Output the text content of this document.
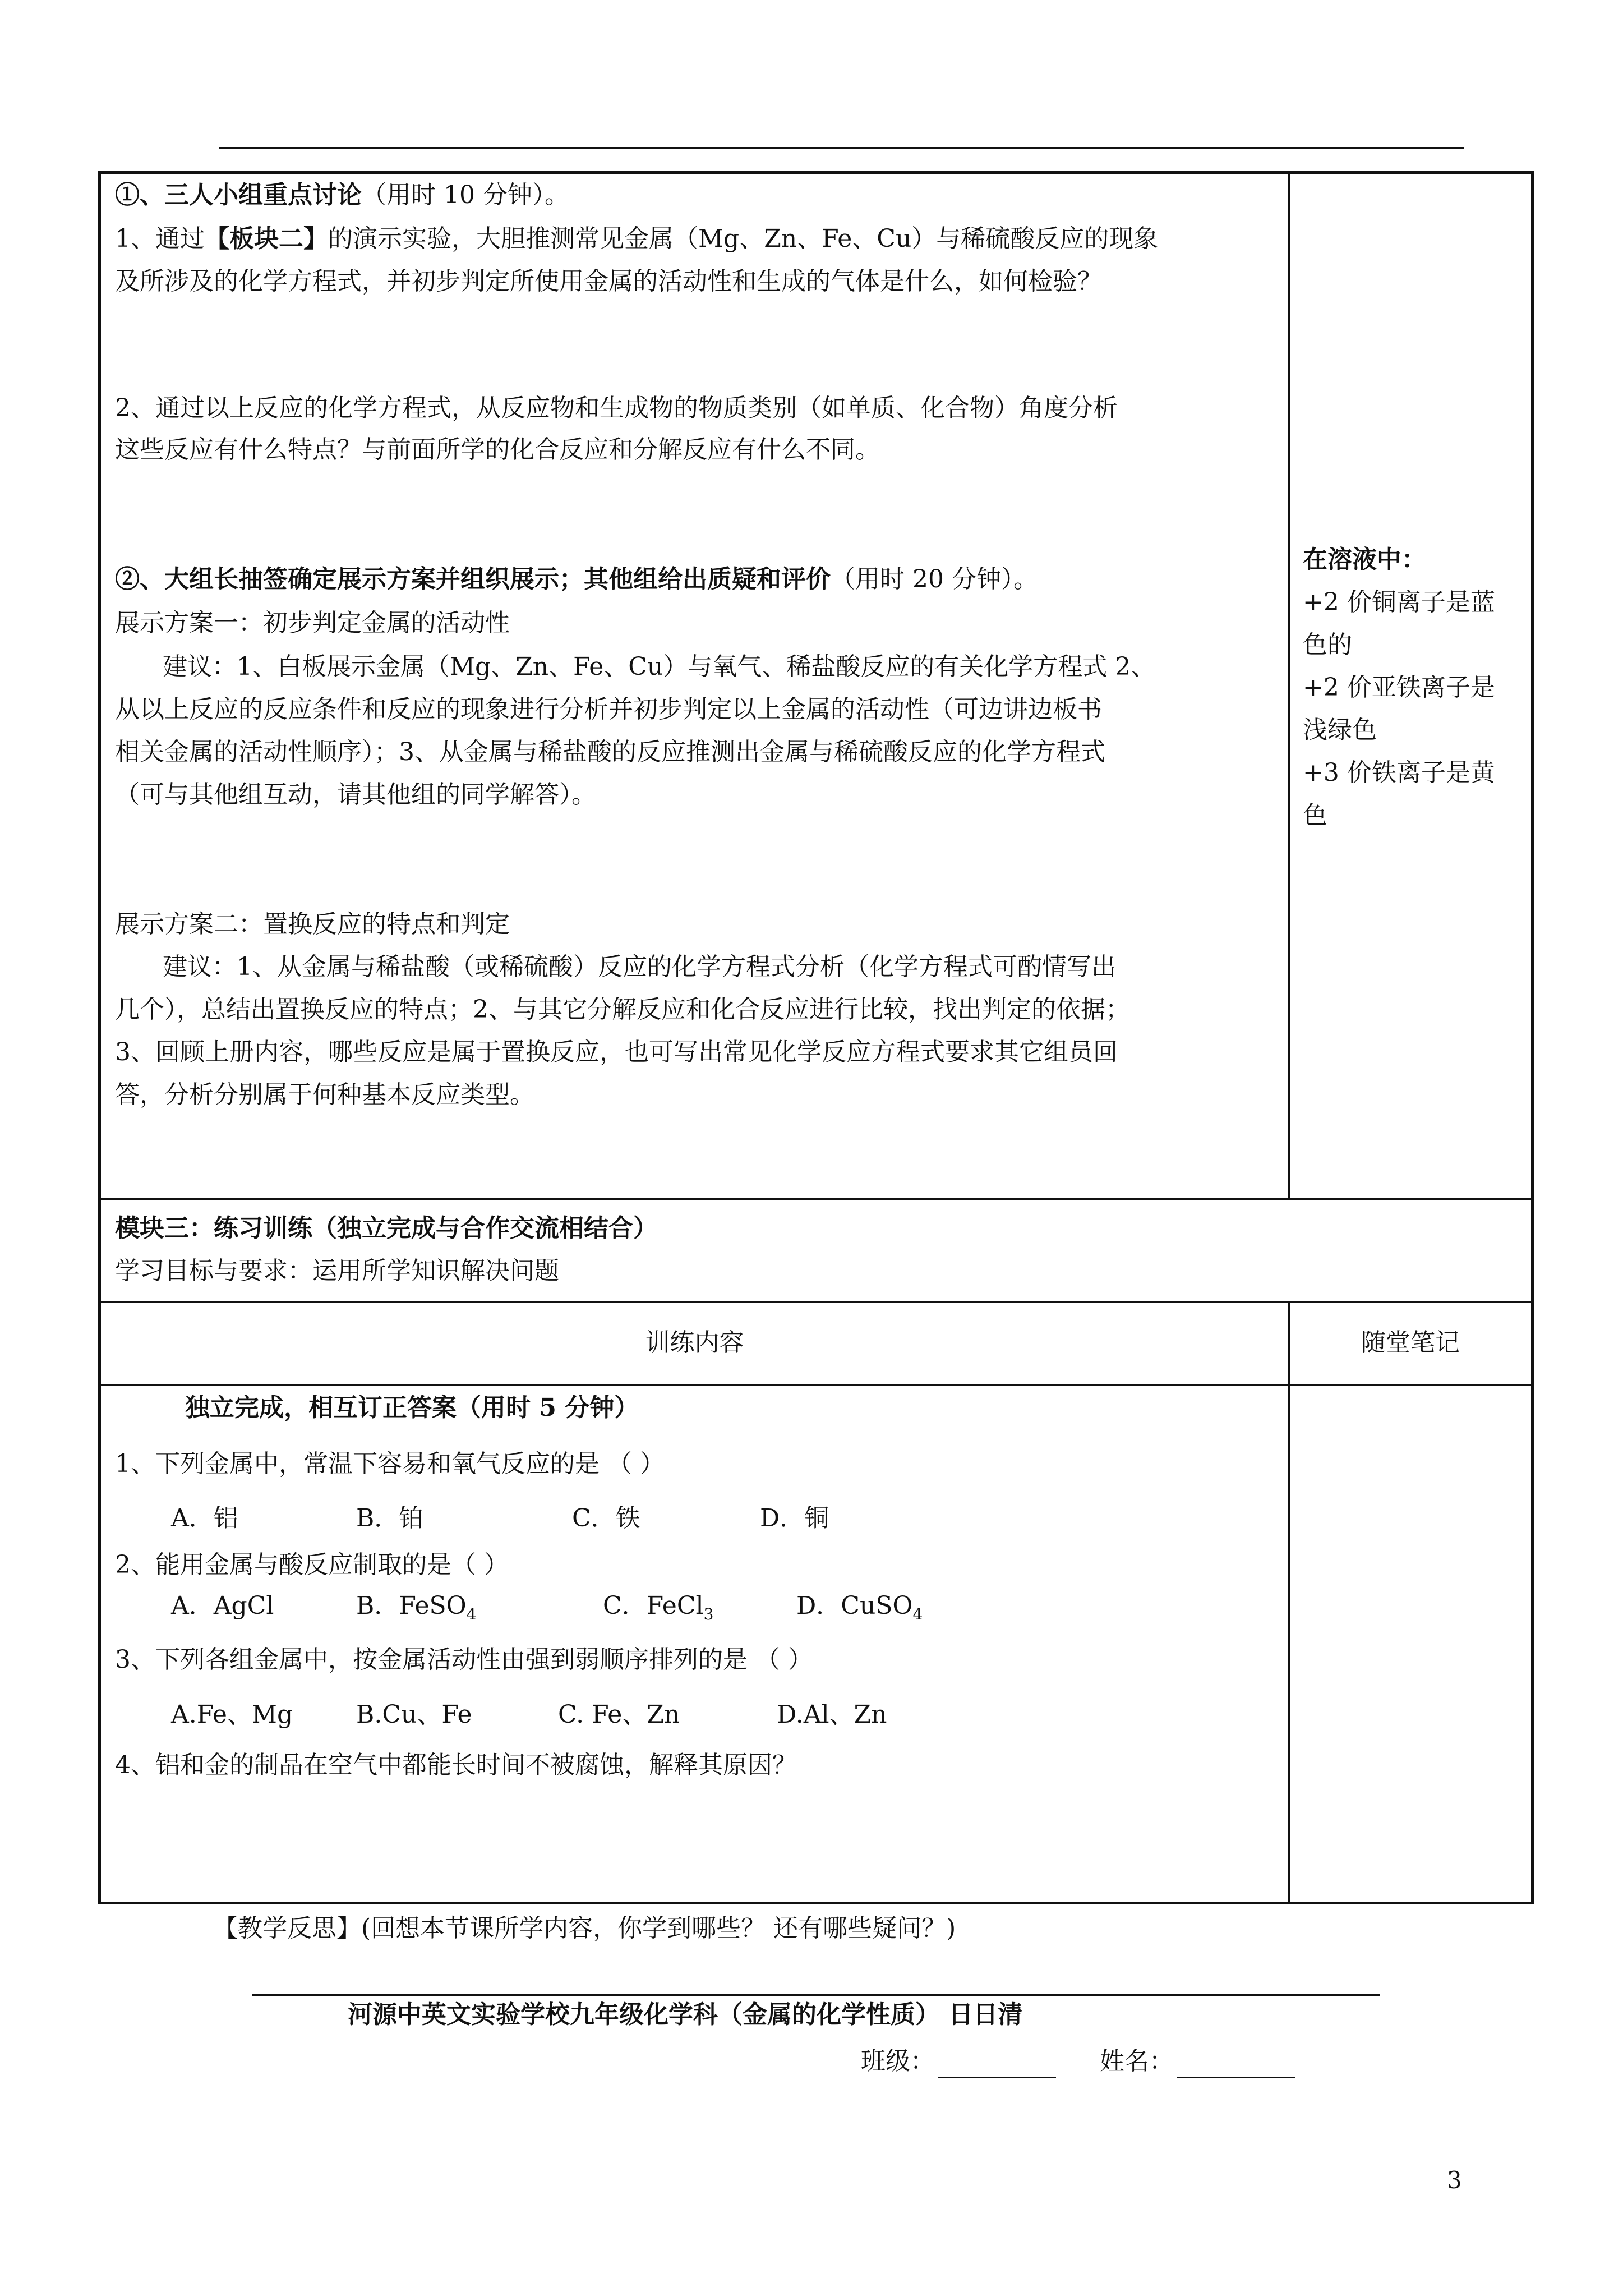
①、三人小组重点讨论（用时 10 分钟）。
1、通过【板块二】的演示实验，大胆推测常见金属（Mg、Zn、Fe、Cu）与稀硫酸反应的现象
及所涉及的化学方程式，并初步判定所使用金属的活动性和生成的气体是什么，如何检验？
2、通过以上反应的化学方程式，从反应物和生成物的物质类别（如单质、化合物）角度分析
这些反应有什么特点？与前面所学的化合反应和分解反应有什么不同。
②、大组长抽签确定展示方案并组织展示；其他组给出质疑和评价（用时 20 分钟）。
展示方案一：初步判定金属的活动性
建议：1、白板展示金属（Mg、Zn、Fe、Cu）与氧气、稀盐酸反应的有关化学方程式 2、
从以上反应的反应条件和反应的现象进行分析并初步判定以上金属的活动性（可边讲边板书
相关金属的活动性顺序）；3、从金属与稀盐酸的反应推测出金属与稀硫酸反应的化学方程式
（可与其他组互动，请其他组的同学解答）。
展示方案二：置换反应的特点和判定
建议：1、从金属与稀盐酸（或稀硫酸）反应的化学方程式分析（化学方程式可酌情写出
几个），总结出置换反应的特点；2、与其它分解反应和化合反应进行比较，找出判定的依据；
3、回顾上册内容，哪些反应是属于置换反应，也可写出常见化学反应方程式要求其它组员回
答，分析分别属于何种基本反应类型。
在溶液中：
+2 价铜离子是蓝
色的
+2 价亚铁离子是
浅绿色
+3 价铁离子是黄
色
模块三：练习训练（独立完成与合作交流相结合）
学习目标与要求：运用所学知识解决问题
训练内容	随堂笔记
独立完成，相互订正答案（用时 5 分钟）
1、下列金属中，常温下容易和氧气反应的是 （ ）
A．铝	B．铂	C．铁	D．铜
2、能用金属与酸反应制取的是（ ）
A．AgCl	B．FeSO$_4$	C．FeCl$_3$	D．CuSO$_4$
3、下列各组金属中，按金属活动性由强到弱顺序排列的是 （ ）
A.Fe、Mg	B.Cu、Fe	C. Fe、Zn	D.Al、Zn
4、铝和金的制品在空气中都能长时间不被腐蚀，解释其原因？
【教学反思】(回想本节课所学内容，你学到哪些？ 还有哪些疑问？)
河源中英文实验学校九年级化学科（金属的化学性质） 日日清
班级：	姓名：
3
